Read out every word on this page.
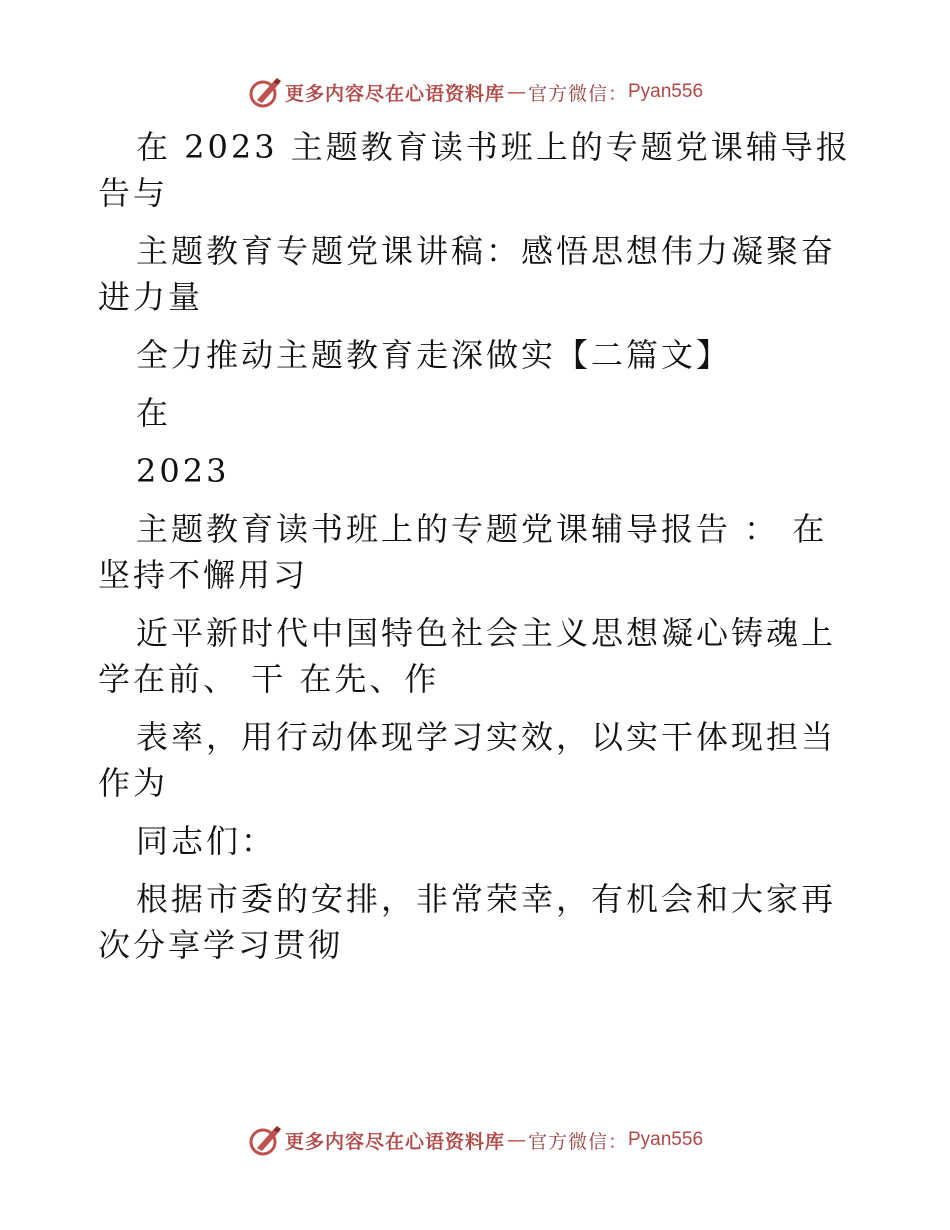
更多内容尽在心语资料库 — 官方微信： Pyan556

在 2023 主题教育读书班上的专题党课辅导报告与

主题教育专题党课讲稿：感悟思想伟力凝聚奋进力量

全力推动主题教育走深做实【二篇文】

在

2023

主题教育读书班上的专题党课辅导报告 ： 在坚持不懈用习

近平新时代中国特色社会主义思想凝心铸魂上学在前、 干 在先、作

表率，用行动体现学习实效，以实干体现担当作为

同志们：

根据市委的安排，非常荣幸，有机会和大家再次分享学习贯彻

更多内容尽在心语资料库 — 官方微信： Pyan556
